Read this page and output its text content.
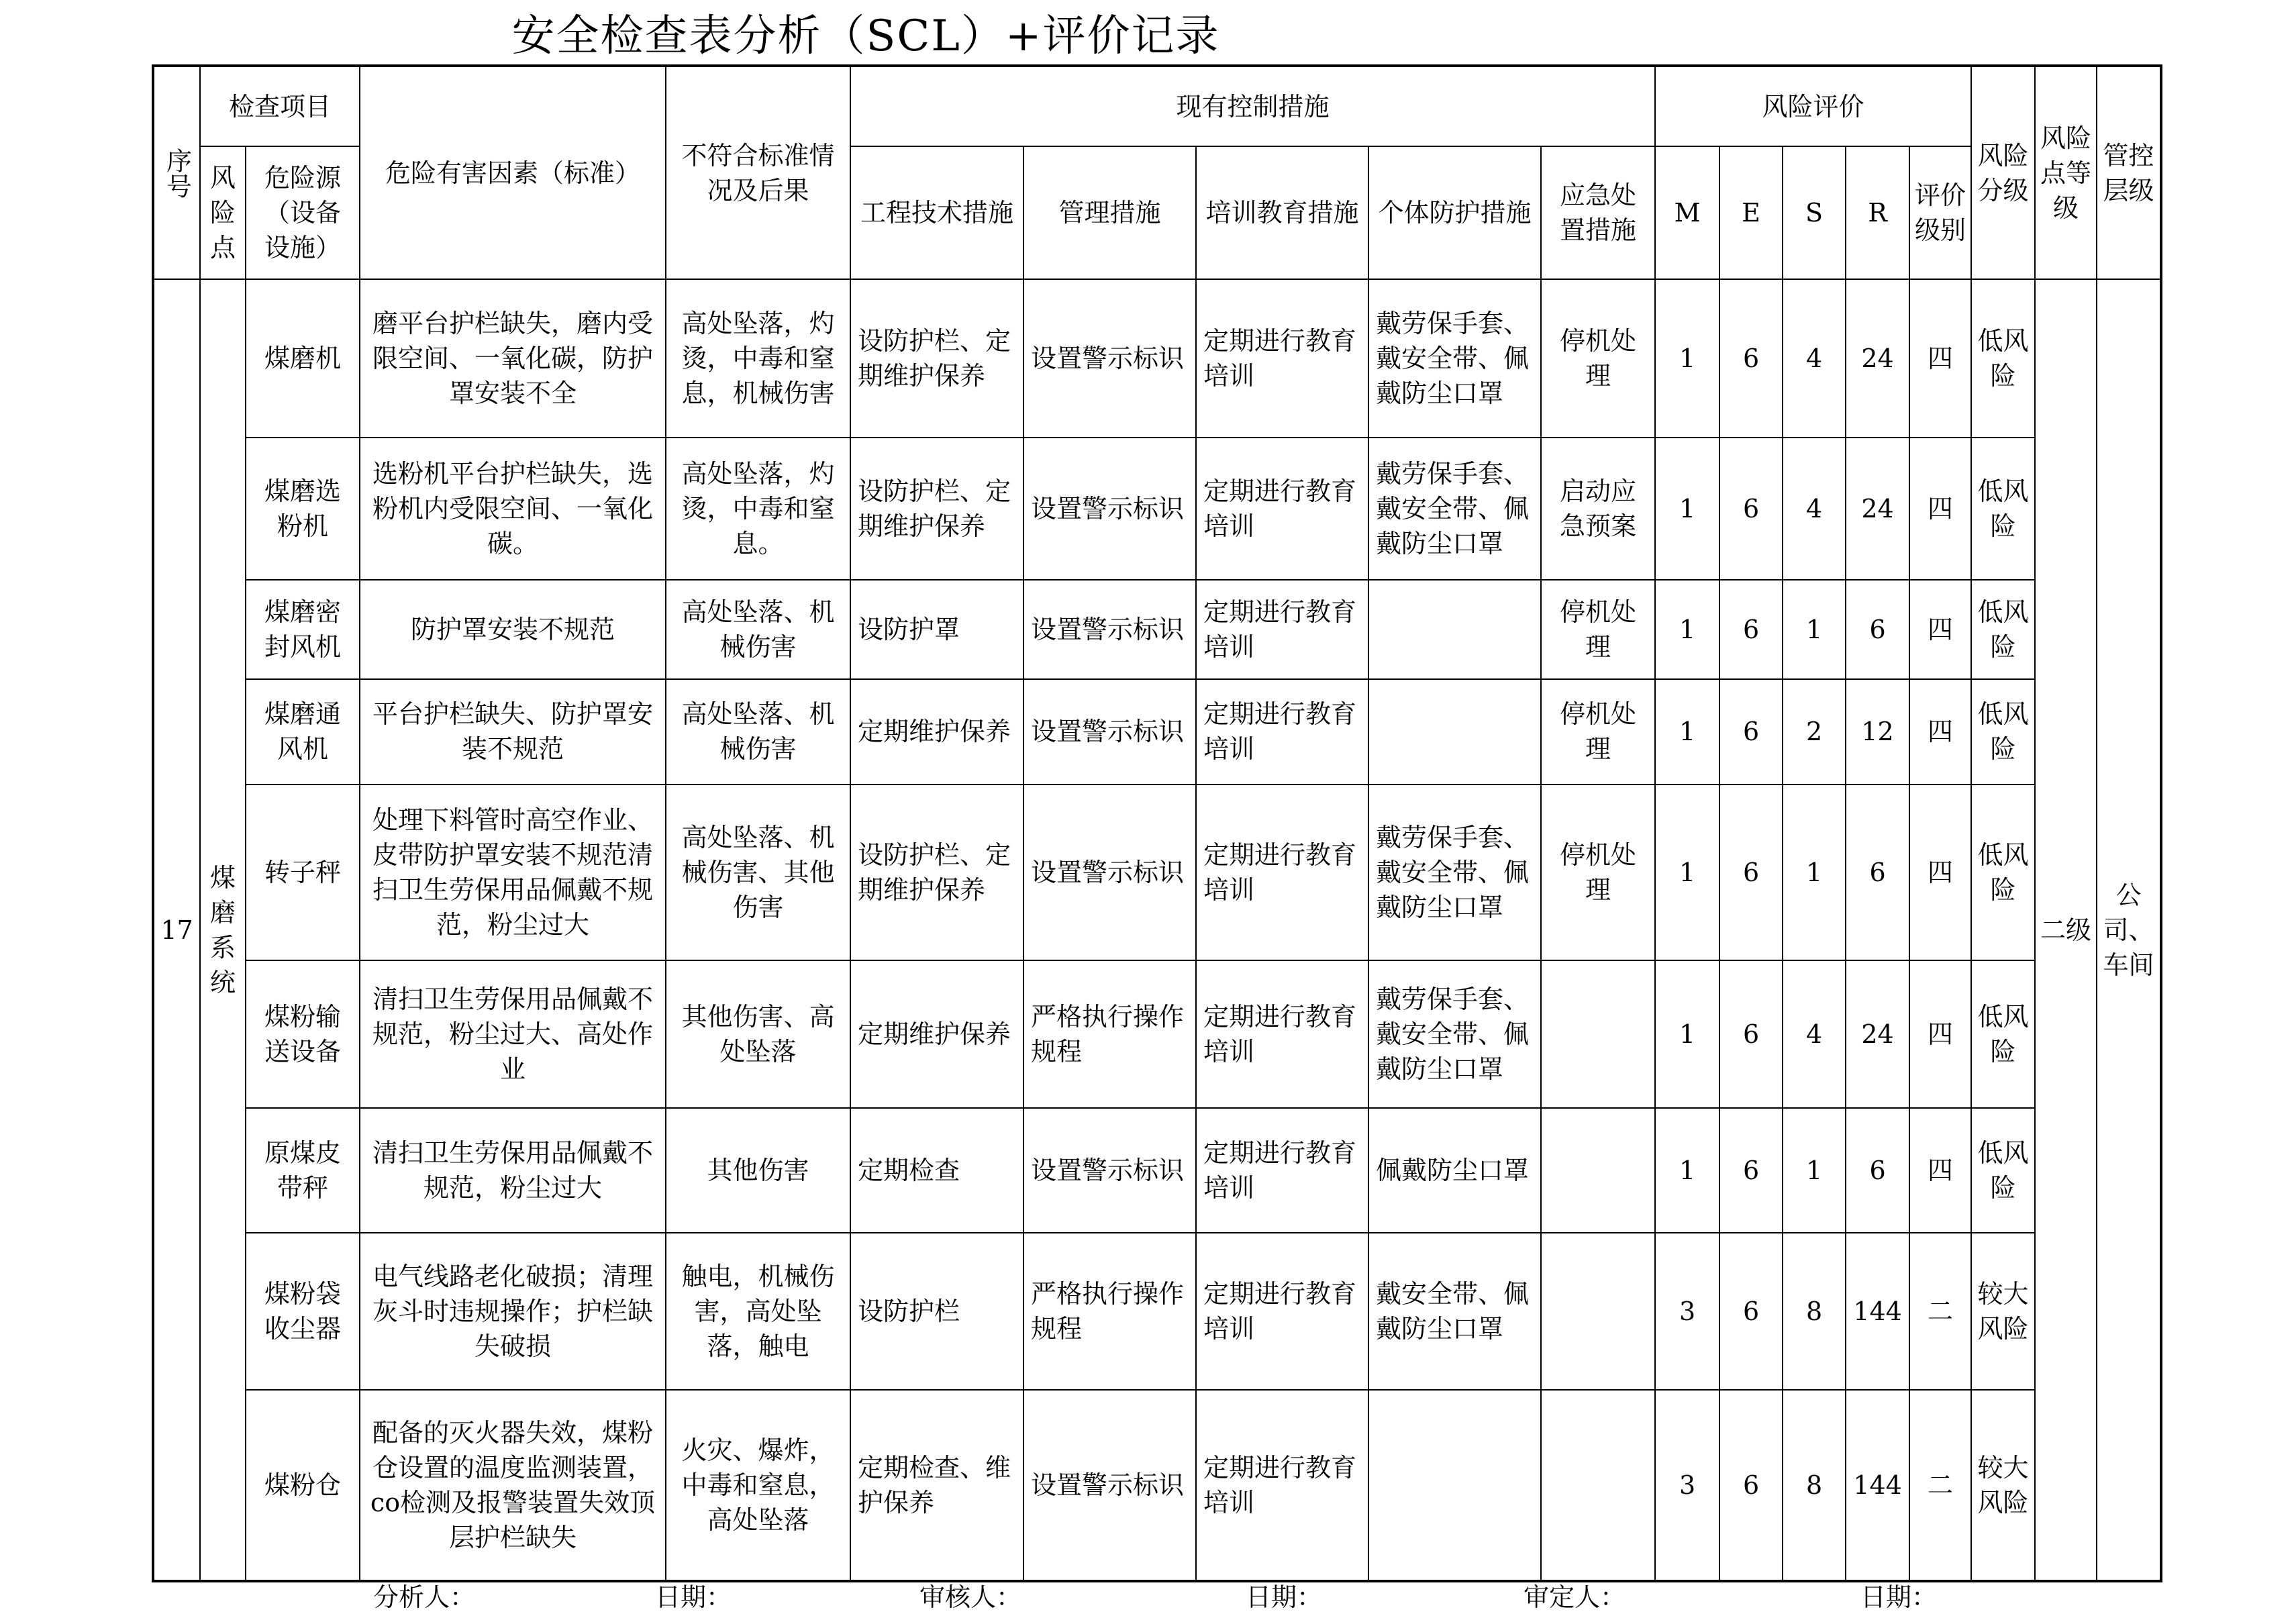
安全检查表分析（SCL）+评价记录
序号	检查项目		危险有害因素（标准）	不符合标准情况及后果	现有控制措施					风险评价					风险分级	风险点等级	管控层级
	风险点	危险源（设备设施）			工程技术措施	管理措施	培训教育措施	个体防护措施	应急处置措施	M	E	S	R	评价级别			
17	煤磨系统	煤磨机	磨平台护栏缺失，磨内受限空间、一氧化碳，防护罩安装不全	高处坠落，灼烫，中毒和窒息，机械伤害	设防护栏、定期维护保养	设置警示标识	定期进行教育培训	戴劳保手套、戴安全带、佩戴防尘口罩	停机处理	1	6	4	24	四	低风险	二级	公司、车间
		煤磨选粉机	选粉机平台护栏缺失，选粉机内受限空间、一氧化碳。	高处坠落，灼烫，中毒和窒息。	设防护栏、定期维护保养	设置警示标识	定期进行教育培训	戴劳保手套、戴安全带、佩戴防尘口罩	启动应急预案	1	6	4	24	四	低风险		
		煤磨密封风机	防护罩安装不规范	高处坠落、机械伤害	设防护罩	设置警示标识	定期进行教育培训		停机处理	1	6	1	6	四	低风险		
		煤磨通风机	平台护栏缺失、防护罩安装不规范	高处坠落、机械伤害	定期维护保养	设置警示标识	定期进行教育培训		停机处理	1	6	2	12	四	低风险		
		转子秤	处理下料管时高空作业、皮带防护罩安装不规范清扫卫生劳保用品佩戴不规范，粉尘过大	高处坠落、机械伤害、其他伤害	设防护栏、定期维护保养	设置警示标识	定期进行教育培训	戴劳保手套、戴安全带、佩戴防尘口罩	停机处理	1	6	1	6	四	低风险		
		煤粉输送设备	清扫卫生劳保用品佩戴不规范，粉尘过大、高处作业	其他伤害、高处坠落	定期维护保养	严格执行操作规程	定期进行教育培训	戴劳保手套、戴安全带、佩戴防尘口罩		1	6	4	24	四	低风险		
		原煤皮带秤	清扫卫生劳保用品佩戴不规范，粉尘过大	其他伤害	定期检查	设置警示标识	定期进行教育培训	佩戴防尘口罩		1	6	1	6	四	低风险		
		煤粉袋收尘器	电气线路老化破损；清理灰斗时违规操作；护栏缺失破损	触电，机械伤害，高处坠落，触电	设防护栏	严格执行操作规程	定期进行教育培训	戴安全带、佩戴防尘口罩		3	6	8	144	二	较大风险		
		煤粉仓	配备的灭火器失效，煤粉仓设置的温度监测装置，co检测及报警装置失效顶层护栏缺失	火灾、爆炸，中毒和窒息，高处坠落	定期检查、维护保养	设置警示标识	定期进行教育培训			3	6	8	144	二	较大风险		
分析人：	日期：	审核人：	日期：	审定人：	日期：
